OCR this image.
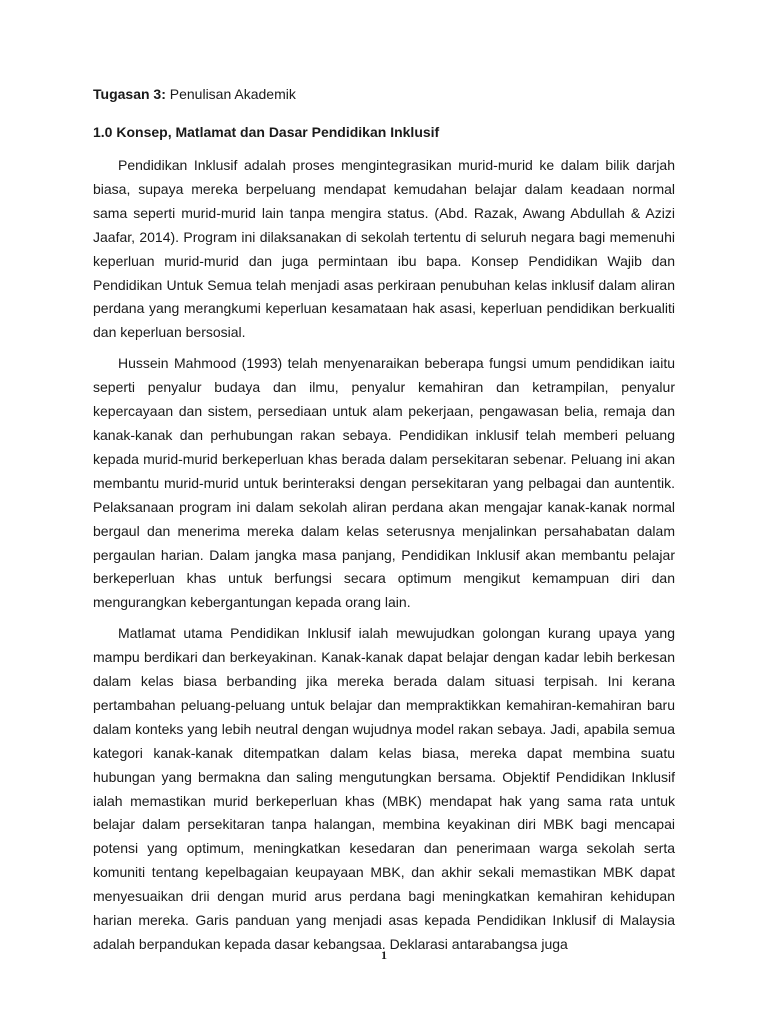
Tugasan 3: Penulisan Akademik

1.0 Konsep, Matlamat dan Dasar Pendidikan Inklusif

Pendidikan Inklusif adalah proses mengintegrasikan murid-murid ke dalam bilik darjah biasa, supaya mereka berpeluang mendapat kemudahan belajar dalam keadaan normal sama seperti murid-murid lain tanpa mengira status. (Abd. Razak, Awang Abdullah & Azizi Jaafar, 2014). Program ini dilaksanakan di sekolah tertentu di seluruh negara bagi memenuhi keperluan murid-murid dan juga permintaan ibu bapa. Konsep Pendidikan Wajib dan Pendidikan Untuk Semua telah menjadi asas perkiraan penubuhan kelas inklusif dalam aliran perdana yang merangkumi keperluan kesamataan hak asasi, keperluan pendidikan berkualiti dan keperluan bersosial.

Hussein Mahmood (1993) telah menyenaraikan beberapa fungsi umum pendidikan iaitu seperti penyalur budaya dan ilmu, penyalur kemahiran dan ketrampilan, penyalur kepercayaan dan sistem, persediaan untuk alam pekerjaan, pengawasan belia, remaja dan kanak-kanak dan perhubungan rakan sebaya. Pendidikan inklusif telah memberi peluang kepada murid-murid berkeperluan khas berada dalam persekitaran sebenar. Peluang ini akan membantu murid-murid untuk berinteraksi dengan persekitaran yang pelbagai dan auntentik. Pelaksanaan program ini dalam sekolah aliran perdana akan mengajar kanak-kanak normal bergaul dan menerima mereka dalam kelas seterusnya menjalinkan persahabatan dalam pergaulan harian. Dalam jangka masa panjang, Pendidikan Inklusif akan membantu pelajar berkeperluan khas untuk berfungsi secara optimum mengikut kemampuan diri dan mengurangkan kebergantungan kepada orang lain.

Matlamat utama Pendidikan Inklusif ialah mewujudkan golongan kurang upaya yang mampu berdikari dan berkeyakinan. Kanak-kanak dapat belajar dengan kadar lebih berkesan dalam kelas biasa berbanding jika mereka berada dalam situasi terpisah. Ini kerana pertambahan peluang-peluang untuk belajar dan mempraktikkan kemahiran-kemahiran baru dalam konteks yang lebih neutral dengan wujudnya model rakan sebaya. Jadi, apabila semua kategori kanak-kanak ditempatkan dalam kelas biasa, mereka dapat membina suatu hubungan yang bermakna dan saling mengutungkan bersama. Objektif Pendidikan Inklusif ialah memastikan murid berkeperluan khas (MBK) mendapat hak yang sama rata untuk belajar dalam persekitaran tanpa halangan, membina keyakinan diri MBK bagi mencapai potensi yang optimum, meningkatkan kesedaran dan penerimaan warga sekolah serta komuniti tentang kepelbagaian keupayaan MBK, dan akhir sekali memastikan MBK dapat menyesuaikan drii dengan murid arus perdana bagi meningkatkan kemahiran kehidupan harian mereka. Garis panduan yang menjadi asas kepada Pendidikan Inklusif di Malaysia adalah berpandukan kepada dasar kebangsaa. Deklarasi antarabangsa juga

1
